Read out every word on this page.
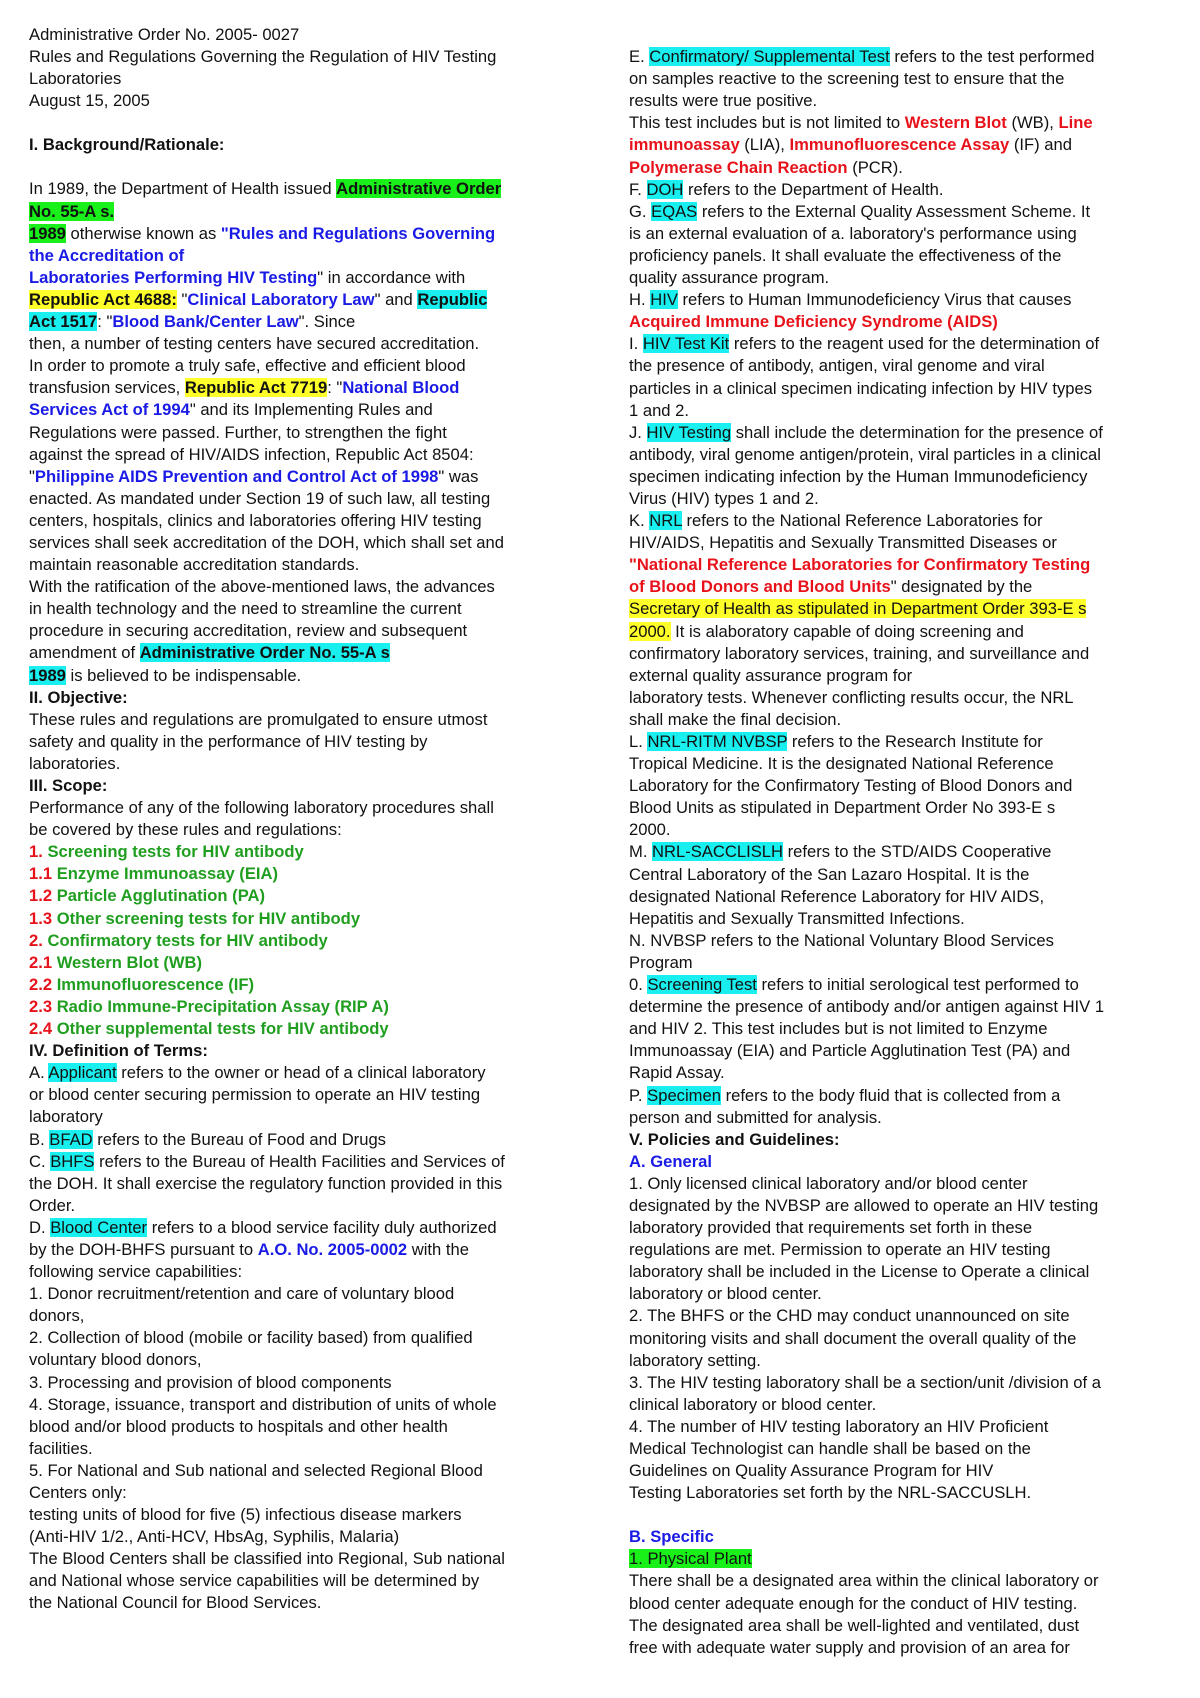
Administrative Order No. 2005- 0027
Rules and Regulations Governing the Regulation of HIV Testing
Laboratories
August 15, 2005
I. Background/Rationale:
In 1989, the Department of Health issued Administrative Order
No. 55-A s.
1989 otherwise known as "Rules and Regulations Governing
the Accreditation of
Laboratories Performing HIV Testing" in accordance with
Republic Act 4688: "Clinical Laboratory Law" and Republic
Act 1517: "Blood Bank/Center Law". Since
then, a number of testing centers have secured accreditation.
In order to promote a truly safe, effective and efficient blood
transfusion services, Republic Act 7719: "National Blood
Services Act of 1994" and its Implementing Rules and
Regulations were passed. Further, to strengthen the fight
against the spread of HIV/AIDS infection, Republic Act 8504:
"Philippine AIDS Prevention and Control Act of 1998" was
enacted. As mandated under Section 19 of such law, all testing
centers, hospitals, clinics and laboratories offering HIV testing
services shall seek accreditation of the DOH, which shall set and
maintain reasonable accreditation standards.
With the ratification of the above-mentioned laws, the advances
in health technology and the need to streamline the current
procedure in securing accreditation, review and subsequent
amendment of Administrative Order No. 55-A s
1989 is believed to be indispensable.
II. Objective:
These rules and regulations are promulgated to ensure utmost
safety and quality in the performance of HIV testing by
laboratories.
III. Scope:
Performance of any of the following laboratory procedures shall
be covered by these rules and regulations:
1. Screening tests for HIV antibody
1.1 Enzyme Immunoassay (EIA)
1.2 Particle Agglutination (PA)
1.3 Other screening tests for HIV antibody
2. Confirmatory tests for HIV antibody
2.1 Western Blot (WB)
2.2 Immunofluorescence (IF)
2.3 Radio Immune-Precipitation Assay (RIP A)
2.4 Other supplemental tests for HIV antibody
IV. Definition of Terms:
A. Applicant refers to the owner or head of a clinical laboratory
or blood center securing permission to operate an HIV testing
laboratory
B. BFAD refers to the Bureau of Food and Drugs
C. BHFS refers to the Bureau of Health Facilities and Services of
the DOH. It shall exercise the regulatory function provided in this
Order.
D. Blood Center refers to a blood service facility duly authorized
by the DOH-BHFS pursuant to A.O. No. 2005-0002 with the
following service capabilities:
1. Donor recruitment/retention and care of voluntary blood
donors,
2. Collection of blood (mobile or facility based) from qualified
voluntary blood donors,
3. Processing and provision of blood components
4. Storage, issuance, transport and distribution of units of whole
blood and/or blood products to hospitals and other health
facilities.
5. For National and Sub national and selected Regional Blood
Centers only:
testing units of blood for five (5) infectious disease markers
(Anti-HIV 1/2., Anti-HCV, HbsAg, Syphilis, Malaria)
The Blood Centers shall be classified into Regional, Sub national
and National whose service capabilities will be determined by
the National Council for Blood Services.

E. Confirmatory/ Supplemental Test refers to the test performed
on samples reactive to the screening test to ensure that the
results were true positive.
This test includes but is not limited to Western Blot (WB), Line
immunoassay (LIA), Immunofluorescence Assay (IF) and
Polymerase Chain Reaction (PCR).
F. DOH refers to the Department of Health.
G. EQAS refers to the External Quality Assessment Scheme. It
is an external evaluation of a. laboratory's performance using
proficiency panels. It shall evaluate the effectiveness of the
quality assurance program.
H. HIV refers to Human Immunodeficiency Virus that causes
Acquired Immune Deficiency Syndrome (AIDS)
I. HIV Test Kit refers to the reagent used for the determination of
the presence of antibody, antigen, viral genome and viral
particles in a clinical specimen indicating infection by HIV types
1 and 2.
J. HIV Testing shall include the determination for the presence of
antibody, viral genome antigen/protein, viral particles in a clinical
specimen indicating infection by the Human Immunodeficiency
Virus (HIV) types 1 and 2.
K. NRL refers to the National Reference Laboratories for
HIV/AIDS, Hepatitis and Sexually Transmitted Diseases or
"National Reference Laboratories for Confirmatory Testing
of Blood Donors and Blood Units" designated by the
Secretary of Health as stipulated in Department Order 393-E s
2000. It is alaboratory capable of doing screening and
confirmatory laboratory services, training, and surveillance and
external quality assurance program for
laboratory tests. Whenever conflicting results occur, the NRL
shall make the final decision.
L. NRL-RITM NVBSP refers to the Research Institute for
Tropical Medicine. It is the designated National Reference
Laboratory for the Confirmatory Testing of Blood Donors and
Blood Units as stipulated in Department Order No 393-E s
2000.
M. NRL-SACCLISLH refers to the STD/AIDS Cooperative
Central Laboratory of the San Lazaro Hospital. It is the
designated National Reference Laboratory for HIV AIDS,
Hepatitis and Sexually Transmitted Infections.
N. NVBSP refers to the National Voluntary Blood Services
Program
0. Screening Test refers to initial serological test performed to
determine the presence of antibody and/or antigen against HIV 1
and HIV 2. This test includes but is not limited to Enzyme
Immunoassay (EIA) and Particle Agglutination Test (PA) and
Rapid Assay.
P. Specimen refers to the body fluid that is collected from a
person and submitted for analysis.
V. Policies and Guidelines:
A. General
1. Only licensed clinical laboratory and/or blood center
designated by the NVBSP are allowed to operate an HIV testing
laboratory provided that requirements set forth in these
regulations are met. Permission to operate an HIV testing
laboratory shall be included in the License to Operate a clinical
laboratory or blood center.
2. The BHFS or the CHD may conduct unannounced on site
monitoring visits and shall document the overall quality of the
laboratory setting.
3. The HIV testing laboratory shall be a section/unit /division of a
clinical laboratory or blood center.
4. The number of HIV testing laboratory an HIV Proficient
Medical Technologist can handle shall be based on the
Guidelines on Quality Assurance Program for HIV
Testing Laboratories set forth by the NRL-SACCUSLH.
B. Specific
1. Physical Plant
There shall be a designated area within the clinical laboratory or
blood center adequate enough for the conduct of HIV testing.
The designated area shall be well-lighted and ventilated, dust
free with adequate water supply and provision of an area for
